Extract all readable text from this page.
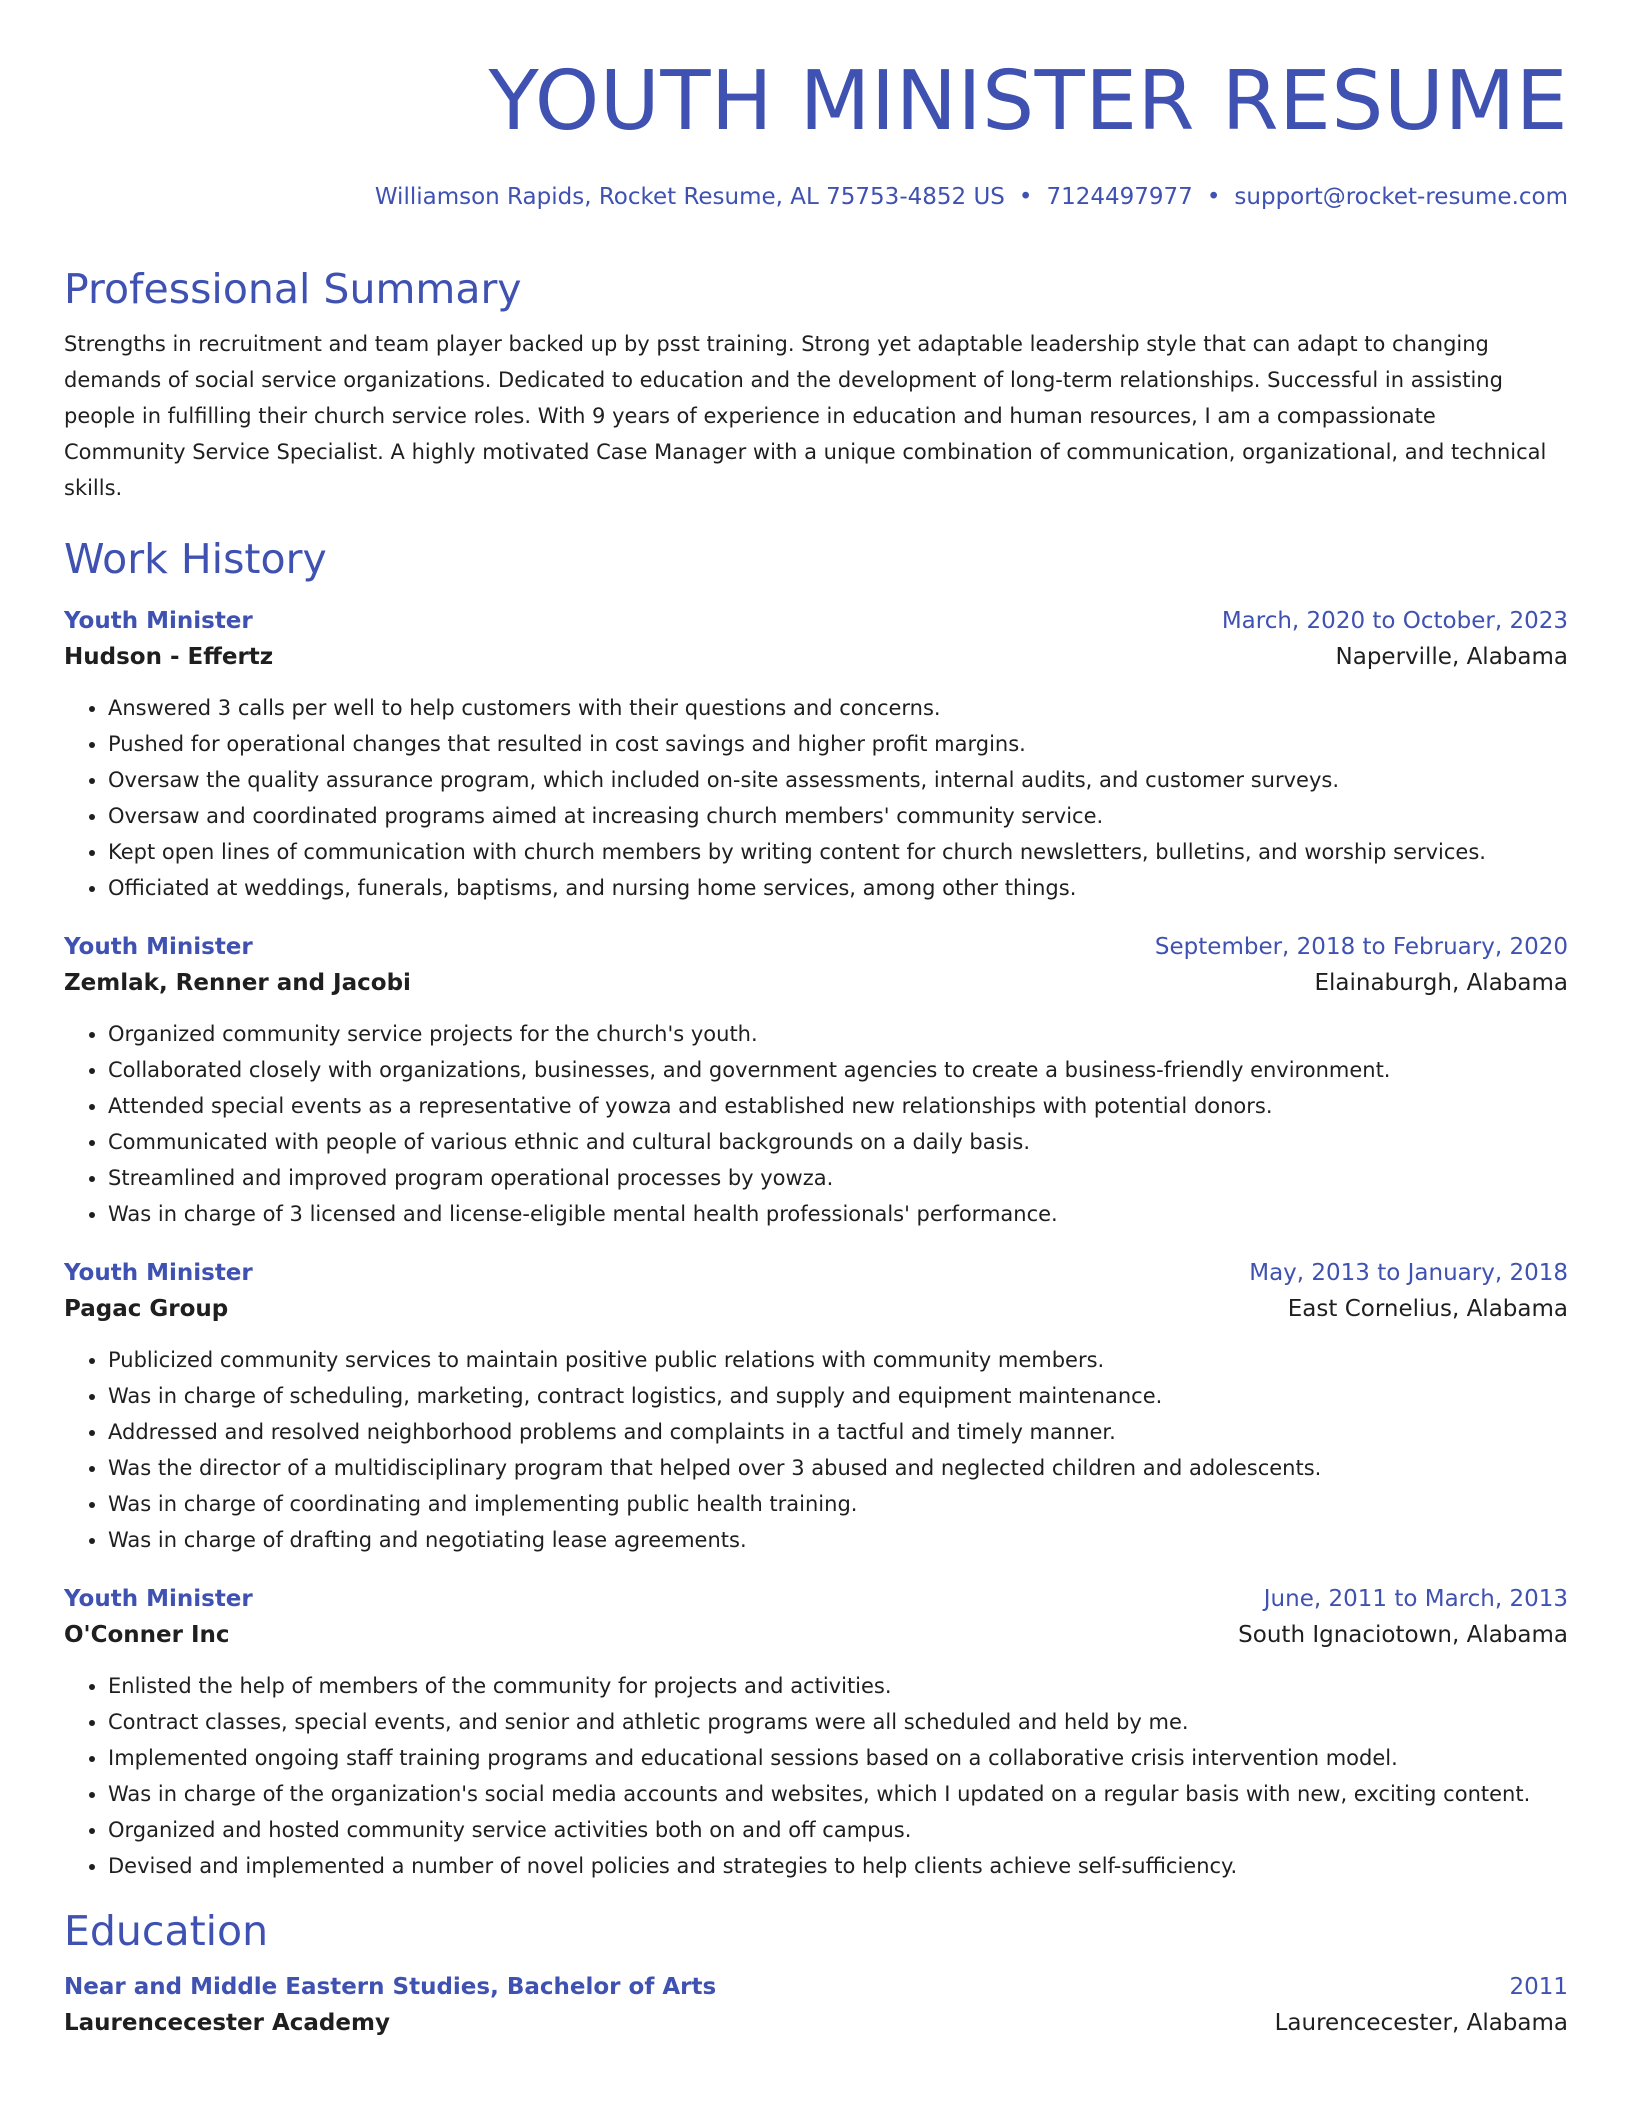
YOUTH MINISTER RESUME
Williamson Rapids, Rocket Resume, AL 75753-4852 US • 7124497977 • support@rocket-resume.com
Professional Summary
Strengths in recruitment and team player backed up by psst training. Strong yet adaptable leadership style that can adapt to changing demands of social service organizations. Dedicated to education and the development of long-term relationships. Successful in assisting people in fulfilling their church service roles. With 9 years of experience in education and human resources, I am a compassionate Community Service Specialist. A highly motivated Case Manager with a unique combination of communication, organizational, and technical skills.
Work History
Youth Minister	March, 2020 to October, 2023
Hudson - Effertz	Naperville, Alabama
• Answered 3 calls per well to help customers with their questions and concerns.
• Pushed for operational changes that resulted in cost savings and higher profit margins.
• Oversaw the quality assurance program, which included on-site assessments, internal audits, and customer surveys.
• Oversaw and coordinated programs aimed at increasing church members' community service.
• Kept open lines of communication with church members by writing content for church newsletters, bulletins, and worship services.
• Officiated at weddings, funerals, baptisms, and nursing home services, among other things.
Youth Minister	September, 2018 to February, 2020
Zemlak, Renner and Jacobi	Elainaburgh, Alabama
• Organized community service projects for the church's youth.
• Collaborated closely with organizations, businesses, and government agencies to create a business-friendly environment.
• Attended special events as a representative of yowza and established new relationships with potential donors.
• Communicated with people of various ethnic and cultural backgrounds on a daily basis.
• Streamlined and improved program operational processes by yowza.
• Was in charge of 3 licensed and license-eligible mental health professionals' performance.
Youth Minister	May, 2013 to January, 2018
Pagac Group	East Cornelius, Alabama
• Publicized community services to maintain positive public relations with community members.
• Was in charge of scheduling, marketing, contract logistics, and supply and equipment maintenance.
• Addressed and resolved neighborhood problems and complaints in a tactful and timely manner.
• Was the director of a multidisciplinary program that helped over 3 abused and neglected children and adolescents.
• Was in charge of coordinating and implementing public health training.
• Was in charge of drafting and negotiating lease agreements.
Youth Minister	June, 2011 to March, 2013
O'Conner Inc	South Ignaciotown, Alabama
• Enlisted the help of members of the community for projects and activities.
• Contract classes, special events, and senior and athletic programs were all scheduled and held by me.
• Implemented ongoing staff training programs and educational sessions based on a collaborative crisis intervention model.
• Was in charge of the organization's social media accounts and websites, which I updated on a regular basis with new, exciting content.
• Organized and hosted community service activities both on and off campus.
• Devised and implemented a number of novel policies and strategies to help clients achieve self-sufficiency.
Education
Near and Middle Eastern Studies, Bachelor of Arts	2011
Laurencecester Academy	Laurencecester, Alabama
